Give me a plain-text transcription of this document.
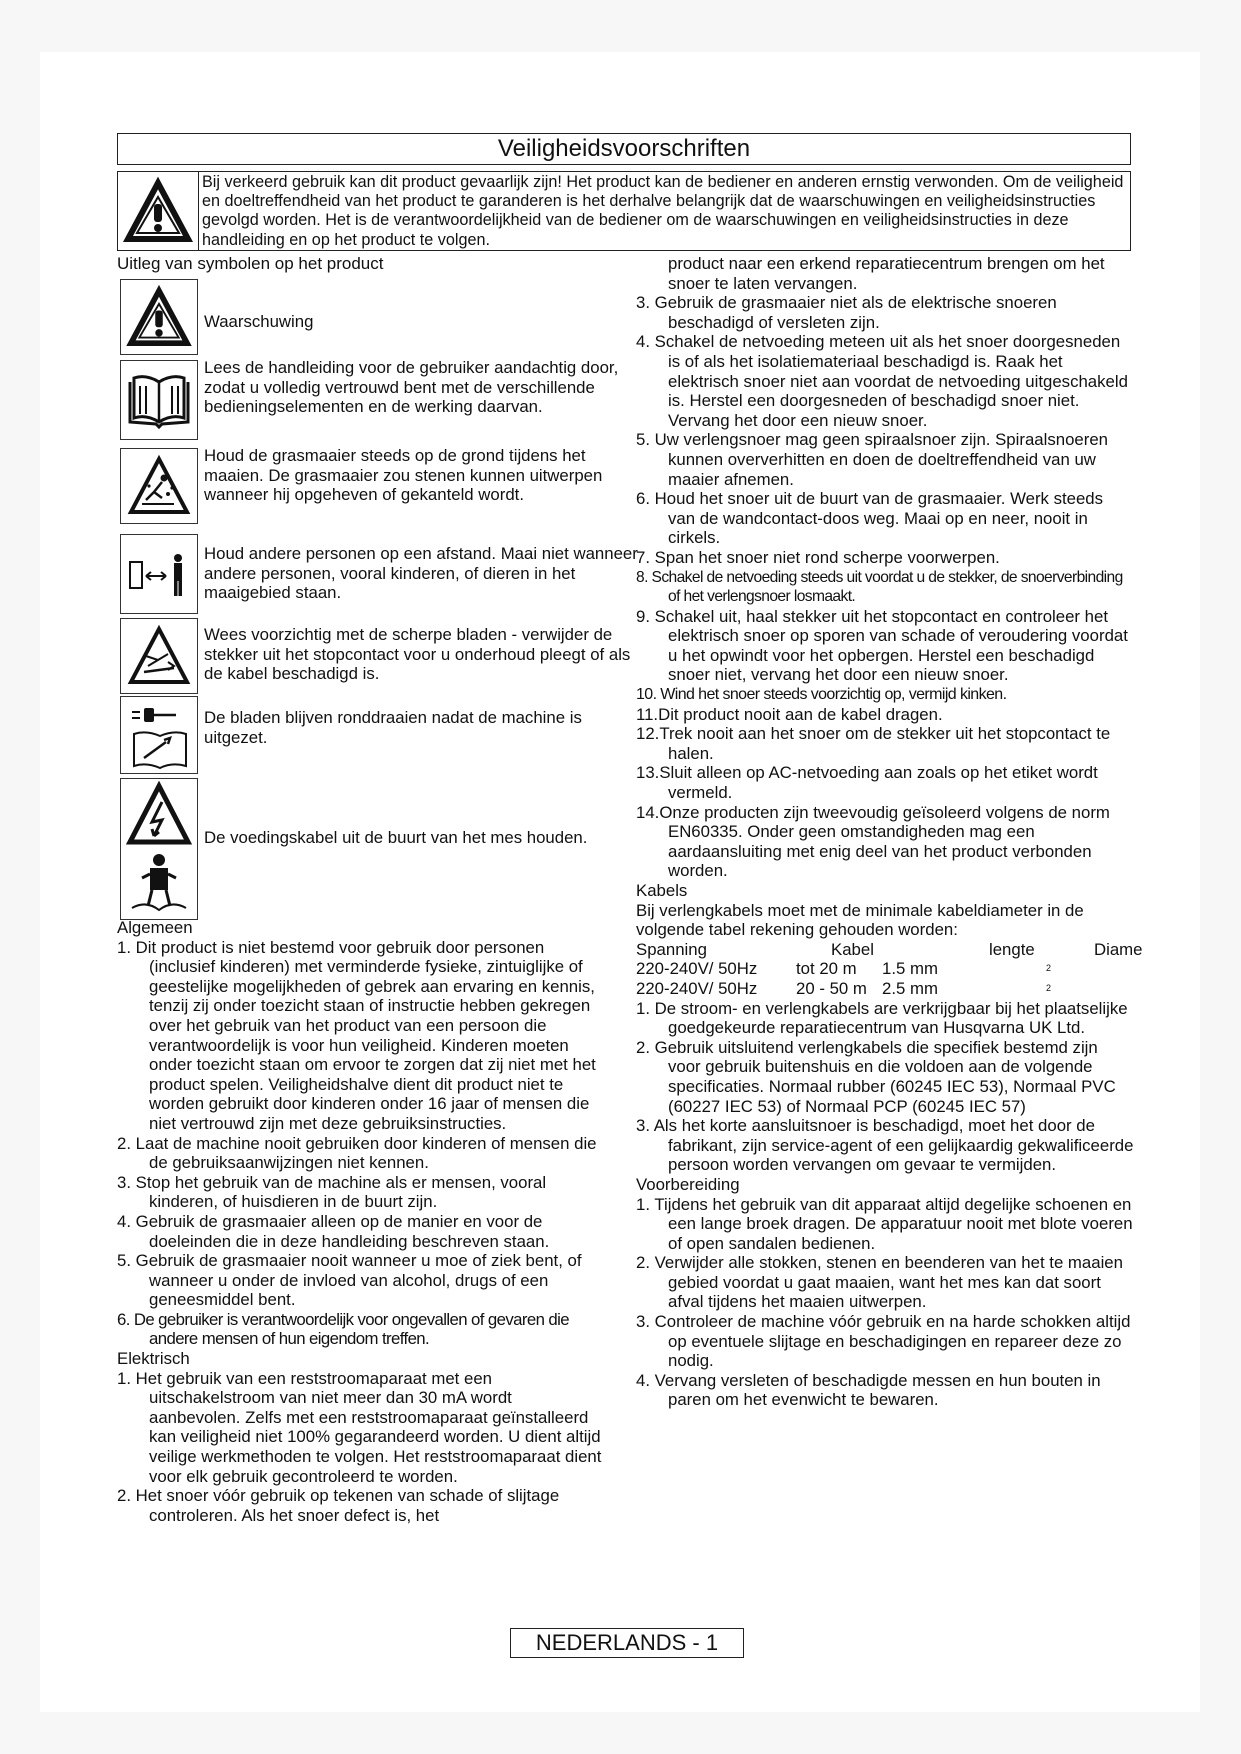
Veiligheidsvoorschriften
Bij verkeerd gebruik kan dit product gevaarlijk zijn! Het product kan de bediener en anderen ernstig verwonden. Om de veiligheid en doeltreffendheid van het product te garanderen is het derhalve belangrijk dat de waarschuwingen en veiligheidsinstructies gevolgd worden. Het is de verantwoordelijkheid van de bediener om de waarschuwingen en veiligheidsinstructies in deze handleiding en op het product te volgen.
Uitleg van symbolen op het product
Waarschuwing
Lees de handleiding voor de gebruiker aandachtig door, zodat u volledig vertrouwd bent met de verschillende bedieningselementen en de werking daarvan.
Houd de grasmaaier steeds op de grond tijdens het maaien. De grasmaaier zou stenen kunnen uitwerpen wanneer hij opgeheven of gekanteld wordt.
Houd andere personen op een afstand. Maai niet wanneer andere personen, vooral kinderen, of dieren in het maaigebied staan.
Wees voorzichtig met de scherpe bladen - verwijder de stekker uit het stopcontact voor u onderhoud pleegt of als de kabel beschadigd is.
De bladen blijven ronddraaien nadat de machine is uitgezet.
De voedingskabel uit de buurt van het mes houden.
Algemeen
1. Dit product is niet bestemd voor gebruik door personen (inclusief kinderen) met verminderde fysieke, zintuiglijke of geestelijke mogelijkheden of gebrek aan ervaring en kennis, tenzij zij onder toezicht staan of instructie hebben gekregen over het gebruik van het product van een persoon die verantwoordelijk is voor hun veiligheid. Kinderen moeten onder toezicht staan om ervoor te zorgen dat zij niet met het product spelen. Veiligheidshalve dient dit product niet te worden gebruikt door kinderen onder 16 jaar of mensen die niet vertrouwd zijn met deze gebruiksinstructies.
2. Laat de machine nooit gebruiken door kinderen of mensen die de gebruiksaanwijzingen niet kennen.
3. Stop het gebruik van de machine als er mensen, vooral kinderen, of huisdieren in de buurt zijn.
4. Gebruik de grasmaaier alleen op de manier en voor de doeleinden die in deze handleiding beschreven staan.
5. Gebruik de grasmaaier nooit wanneer u moe of ziek bent, of wanneer u onder de invloed van alcohol, drugs of een geneesmiddel bent.
6. De gebruiker is verantwoordelijk voor ongevallen of gevaren die andere mensen of hun eigendom treffen.
Elektrisch
1. Het gebruik van een reststroomaparaat met een uitschakelstroom van niet meer dan 30 mA wordt aanbevolen. Zelfs met een reststroomaparaat geïnstalleerd kan veiligheid niet 100% gegarandeerd worden. U dient altijd veilige werkmethoden te volgen. Het reststroomaparaat dient voor elk gebruik gecontroleerd te worden.
2. Het snoer vóór gebruik op tekenen van schade of slijtage controleren. Als het snoer defect is, het
product naar een erkend reparatiecentrum brengen om het snoer te laten vervangen.
3. Gebruik de grasmaaier niet als de elektrische snoeren beschadigd of versleten zijn.
4. Schakel de netvoeding meteen uit als het snoer doorgesneden is of als het isolatiemateriaal beschadigd is. Raak het elektrisch snoer niet aan voordat de netvoeding uitgeschakeld is. Herstel een doorgesneden of beschadigd snoer niet. Vervang het door een nieuw snoer.
5. Uw verlengsnoer mag geen spiraalsnoer zijn. Spiraalsnoeren kunnen oververhitten en doen de doeltreffendheid van uw maaier afnemen.
6. Houd het snoer uit de buurt van de grasmaaier. Werk steeds van de wandcontact-doos weg. Maai op en neer, nooit in cirkels.
7. Span het snoer niet rond scherpe voorwerpen.
8. Schakel de netvoeding steeds uit voordat u de stekker, de snoerverbinding of het verlengsnoer losmaakt.
9. Schakel uit, haal stekker uit het stopcontact en controleer het elektrisch snoer op sporen van schade of veroudering voordat u het opwindt voor het opbergen. Herstel een beschadigd snoer niet, vervang het door een nieuw snoer.
10. Wind het snoer steeds voorzichtig op, vermijd kinken.
11.Dit product nooit aan de kabel dragen.
12.Trek nooit aan het snoer om de stekker uit het stopcontact te halen.
13.Sluit alleen op AC-netvoeding aan zoals op het etiket wordt vermeld.
14.Onze producten zijn tweevoudig geïsoleerd volgens de norm EN60335. Onder geen omstandigheden mag een aardaansluiting met enig deel van het product verbonden worden.
Kabels
Bij verlengkabels moet met de minimale kabeldiameter in de volgende tabel rekening gehouden worden:
Spanning	Kabel	lengte	Diame
220-240V/ 50Hz	tot 20 m	1.5 mm	2
220-240V/ 50Hz	20 - 50 m 2.5 mm	2
1. De stroom- en verlengkabels are verkrijgbaar bij het plaatselijke goedgekeurde reparatiecentrum van Husqvarna UK Ltd.
2. Gebruik uitsluitend verlengkabels die specifiek bestemd zijn voor gebruik buitenshuis en die voldoen aan de volgende specificaties. Normaal rubber (60245 IEC 53), Normaal PVC (60227 IEC 53) of Normaal PCP (60245 IEC 57)
3. Als het korte aansluitsnoer is beschadigd, moet het door de fabrikant, zijn service-agent of een gelijkaardig gekwalificeerde persoon worden vervangen om gevaar te vermijden.
Voorbereiding
1. Tijdens het gebruik van dit apparaat altijd degelijke schoenen en een lange broek dragen. De apparatuur nooit met blote voeren of open sandalen bedienen.
2. Verwijder alle stokken, stenen en beenderen van het te maaien gebied voordat u gaat maaien, want het mes kan dat soort afval tijdens het maaien uitwerpen.
3. Controleer de machine vóór gebruik en na harde schokken altijd op eventuele slijtage en beschadigingen en repareer deze zo nodig.
4. Vervang versleten of beschadigde messen en hun bouten in paren om het evenwicht te bewaren.
NEDERLANDS - 1
